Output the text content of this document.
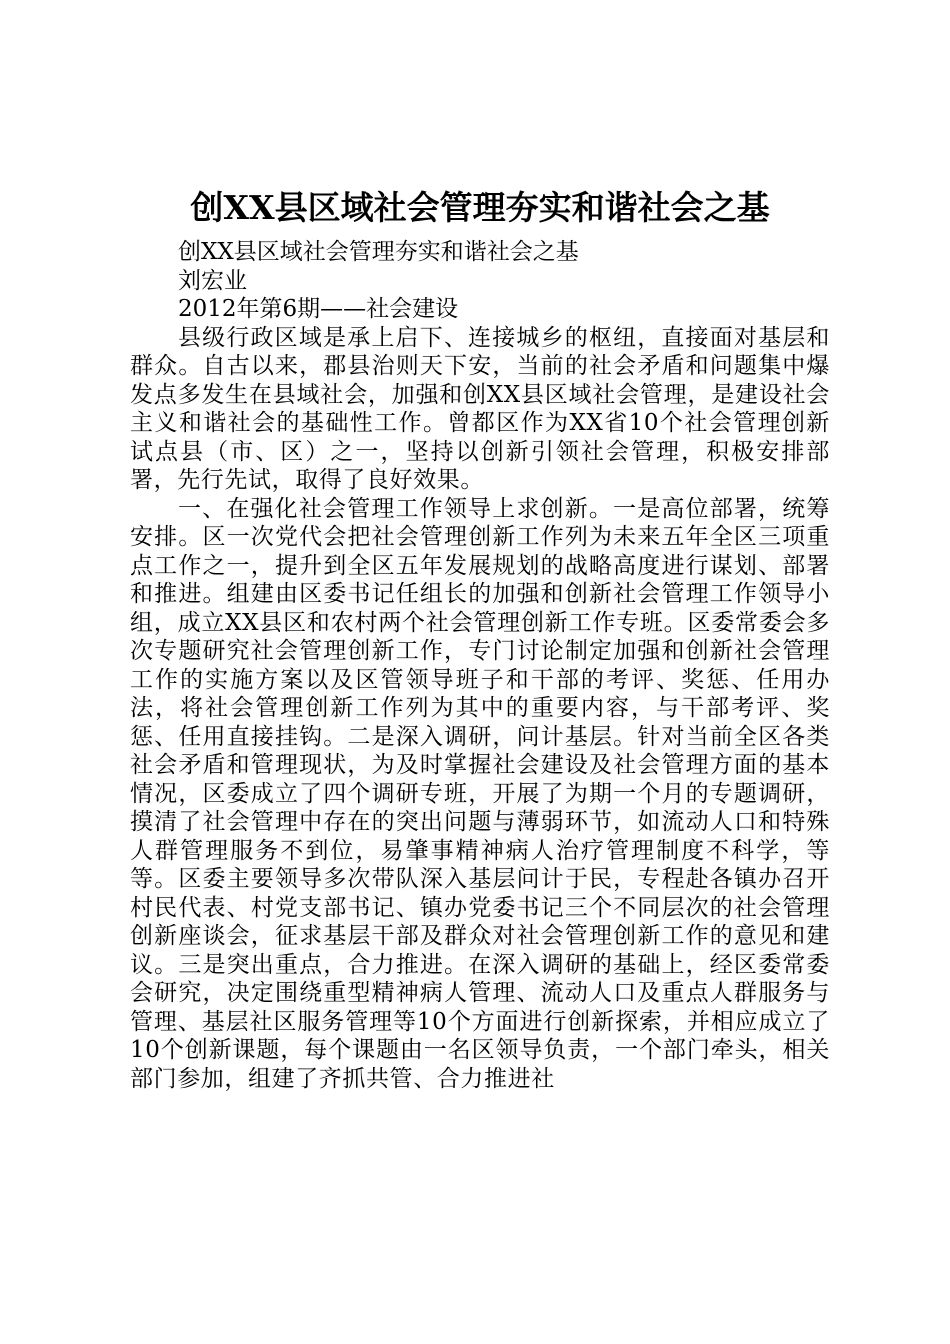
创XX县区域社会管理夯实和谐社会之基

创XX县区域社会管理夯实和谐社会之基

刘宏业

2012年第6期——社会建设

县级行政区域是承上启下、连接城乡的枢纽，直接面对基层和群众。自古以来，郡县治则天下安，当前的社会矛盾和问题集中爆发点多发生在县域社会，加强和创XX县区域社会管理，是建设社会主义和谐社会的基础性工作。曾都区作为XX省10个社会管理创新试点县（市、区）之一，坚持以创新引领社会管理，积极安排部署，先行先试，取得了良好效果。

一、在强化社会管理工作领导上求创新。一是高位部署，统筹安排。区一次党代会把社会管理创新工作列为未来五年全区三项重点工作之一，提升到全区五年发展规划的战略高度进行谋划、部署和推进。组建由区委书记任组长的加强和创新社会管理工作领导小组，成立XX县区和农村两个社会管理创新工作专班。区委常委会多次专题研究社会管理创新工作，专门讨论制定加强和创新社会管理工作的实施方案以及区管领导班子和干部的考评、奖惩、任用办法，将社会管理创新工作列为其中的重要内容，与干部考评、奖惩、任用直接挂钩。二是深入调研，问计基层。针对当前全区各类社会矛盾和管理现状，为及时掌握社会建设及社会管理方面的基本情况，区委成立了四个调研专班，开展了为期一个月的专题调研，摸清了社会管理中存在的突出问题与薄弱环节，如流动人口和特殊人群管理服务不到位，易肇事精神病人治疗管理制度不科学，等等。区委主要领导多次带队深入基层问计于民，专程赴各镇办召开村民代表、村党支部书记、镇办党委书记三个不同层次的社会管理创新座谈会，征求基层干部及群众对社会管理创新工作的意见和建议。三是突出重点，合力推进。在深入调研的基础上，经区委常委会研究，决定围绕重型精神病人管理、流动人口及重点人群服务与管理、基层社区服务管理等10个方面进行创新探索，并相应成立了10个创新课题，每个课题由一名区领导负责，一个部门牵头，相关部门参加，组建了齐抓共管、合力推进社
